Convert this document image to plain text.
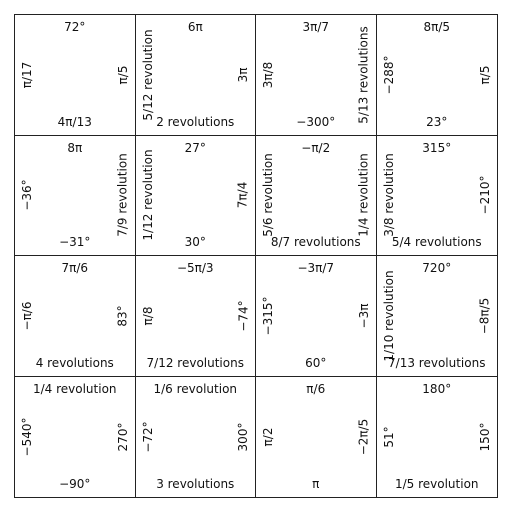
72°
π/17	π/5
4π/13
6π
5/12 revolution	3π
2 revolutions
3π/7
3π/8	5/13 revolutions
−300°
8π/5
−288°	π/5
23°
8π
−36°	7/9 revolution
−31°
27°
1/12 revolution	7π/4
30°
−π/2
5/6 revolution	1/4 revolution
8/7 revolutions
315°
3/8 revolution	−210°
5/4 revolutions
7π/6
−π/6	83°
4 revolutions
−5π/3
π/8	−74°
7/12 revolutions
−3π/7
−315°	−3π
60°
720°
1/10 revolution	−8π/5
7/13 revolutions
1/4 revolution
−540°	270°
−90°
1/6 revolution
−72°	300°
3 revolutions
π/6
π/2	−2π/5
π
180°
51°	150°
1/5 revolution
